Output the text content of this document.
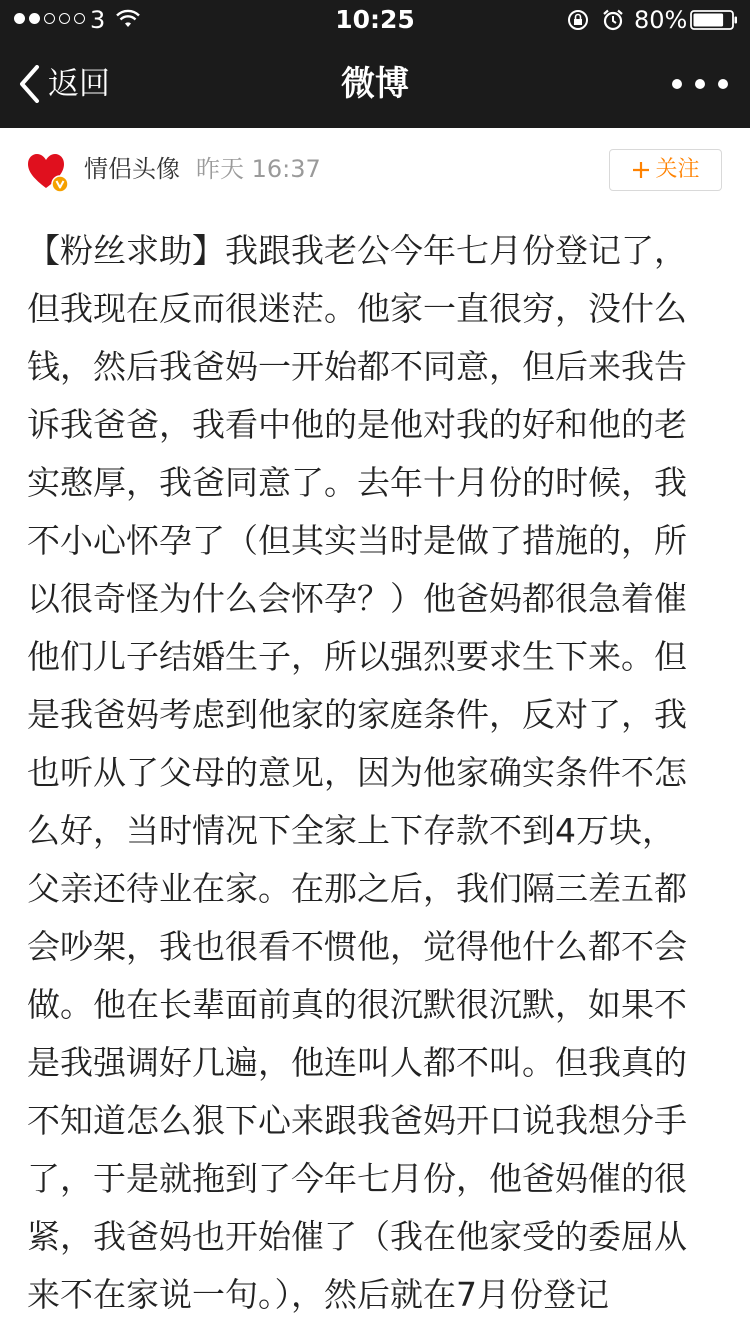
3	10:25	80%
返回	微博
情侣头像 昨天 16:37	关注
【粉丝求助】我跟我老公今年七月份登记了，
但我现在反而很迷茫。他家一直很穷，没什么
钱，然后我爸妈一开始都不同意，但后来我告
诉我爸爸，我看中他的是他对我的好和他的老
实憨厚，我爸同意了。去年十月份的时候，我
不小心怀孕了（但其实当时是做了措施的，所
以很奇怪为什么会怀孕？）他爸妈都很急着催
他们儿子结婚生子，所以强烈要求生下来。但
是我爸妈考虑到他家的家庭条件，反对了，我
也听从了父母的意见，因为他家确实条件不怎
么好，当时情况下全家上下存款不到4万块，
父亲还待业在家。在那之后，我们隔三差五都
会吵架，我也很看不惯他，觉得他什么都不会
做。他在长辈面前真的很沉默很沉默，如果不
是我强调好几遍，他连叫人都不叫。但我真的
不知道怎么狠下心来跟我爸妈开口说我想分手
了，于是就拖到了今年七月份，他爸妈催的很
紧，我爸妈也开始催了（我在他家受的委屈从
来不在家说一句。），然后就在7月份登记
